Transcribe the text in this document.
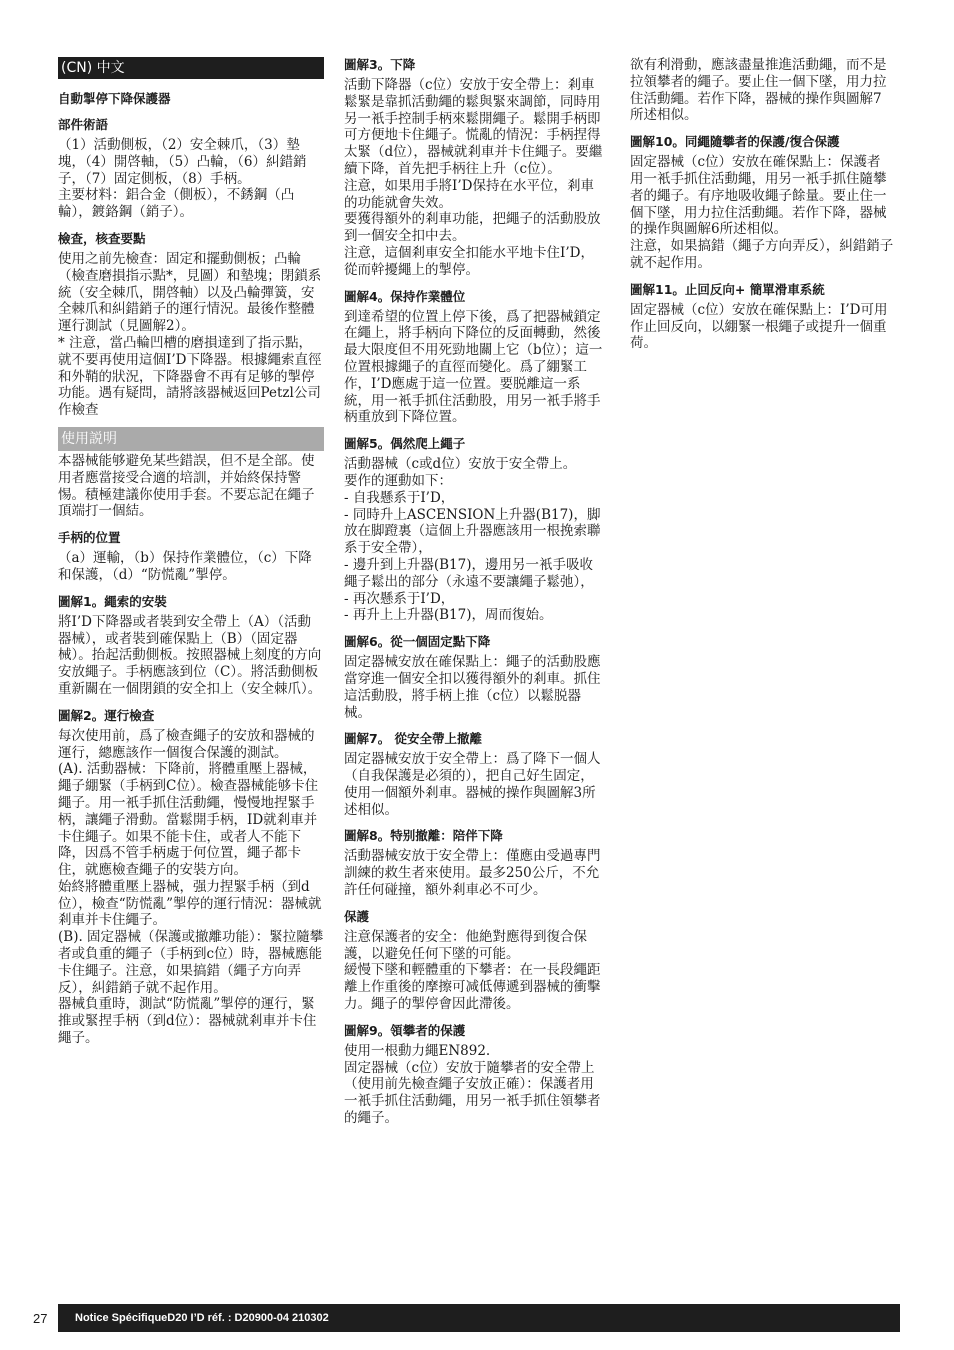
(CN) 中文
自動掣停下降保護器
部件術語

（1）活動側板，（2）安全棘爪，（3）墊塊，（4）開啓軸，（5）凸輪，（6）糾錯銷子，（7）固定側板，（8）手柄。

主要材料：鋁合金（側板），不銹鋼（凸輪），鍍鉻鋼（銷子）。

檢查，核查要點

使用之前先檢查：固定和擺動側板；凸輪（檢查磨損指示點*，見圖）和墊塊；閉鎖系統（安全棘爪，開啓軸）以及凸輪彈簧，安全棘爪和糾錯銷子的運行情況。最後作整體運行測試（見圖解2）。

* 注意，當凸輪凹槽的磨損達到了指示點，就不要再使用這個I’D下降器。根據繩索直徑和外鞘的狀況，下降器會不再有足够的掣停功能。遇有疑問，請將該器械返回Petzl公司作檢查

使用説明

本器械能够避免某些錯誤，但不是全部。使用者應當接受合適的培訓，并始終保持警惕。積極建議你使用手套。不要忘記在繩子頂端打一個結。

手柄的位置

（a）運輸，（b）保持作業體位，（c）下降和保護，（d）“防慌亂”掣停。

圖解1。繩索的安裝

將I’D下降器或者裝到安全帶上（A）（活動器械），或者裝到確保點上（B）（固定器械）。抬起活動側板。按照器械上刻度的方向安放繩子。手柄應該到位（C）。將活動側板重新關在一個閉鎖的安全扣上（安全棘爪）。

圖解2。運行檢查

每次使用前，爲了檢查繩子的安放和器械的運行，總應該作一個復合保護的測試。

(A). 活動器械：下降前，將體重壓上器械，繩子綳緊（手柄到C位）。檢查器械能够卡住繩子。用一衹手抓住活動繩，慢慢地捏緊手柄，讓繩子滑動。當鬆開手柄，ID就剎車并卡住繩子。如果不能卡住，或者人不能下降，因爲不管手柄處于何位置，繩子都卡住，就應檢查繩子的安裝方向。

始終將體重壓上器械，强力捏緊手柄（到d位），檢查“防慌亂”掣停的運行情況：器械就剎車并卡住繩子。

(B). 固定器械（保護或撤離功能）：緊拉隨攀者或負重的繩子（手柄到c位）時，器械應能卡住繩子。注意，如果搞錯（繩子方向弄反），糾錯銷子就不起作用。

器械負重時，測試“防慌亂”掣停的運行，緊推或緊捏手柄（到d位）：器械就剎車并卡住繩子。

圖解3。下降

活動下降器（c位）安放于安全帶上：剎車鬆緊是靠抓活動繩的鬆與緊來調節，同時用另一衹手控制手柄來鬆開繩子。鬆開手柄即可方便地卡住繩子。慌亂的情況：手柄捏得太緊（d位），器械就剎車并卡住繩子。要繼續下降，首先把手柄往上升（c位）。

注意，如果用手將I’D保持在水平位，剎車的功能就會失效。

要獲得額外的剎車功能，把繩子的活動股放到一個安全扣中去。

注意，這個剎車安全扣能水平地卡住I’D，從而幹擾繩上的掣停。

圖解4。保持作業體位

到達希望的位置上停下後，爲了把器械鎖定在繩上，將手柄向下降位的反面轉動，然後最大限度但不用死勁地關上它（b位）；這一位置根據繩子的直徑而變化。爲了綳緊工作，I’D應處于這一位置。要脱離這一系統，用一衹手抓住活動股，用另一衹手將手柄重放到下降位置。

圖解5。偶然爬上繩子

活動器械（c或d位）安放于安全帶上。

要作的運動如下：

- 自我懸系于I’D，

- 同時升上ASCENSION上升器(B17)，脚放在脚蹬裏（這個上升器應該用一根挽索聯系于安全帶），

- 邊升到上升器(B17)，邊用另一衹手吸收繩子鬆出的部分（永遠不要讓繩子鬆弛），

- 再次懸系于I’D，

- 再升上上升器(B17)，周而復始。

圖解6。從一個固定點下降

固定器械安放在確保點上：繩子的活動股應當穿進一個安全扣以獲得額外的剎車。抓住這活動股，將手柄上推（c位）以鬆脱器械。

圖解7。 從安全帶上撤離

固定器械安放于安全帶上：爲了降下一個人（自我保護是必須的），把自己好生固定，使用一個額外剎車。器械的操作與圖解3所述相似。

圖解8。特别撤離：陪伴下降

活動器械安放于安全帶上：僅應由受過專門訓練的救生者來使用。最多250公斤，不允許任何碰撞，額外剎車必不可少。

保護

注意保護者的安全：他絶對應得到復合保護，以避免任何下墜的可能。

緩慢下墜和輕體重的下攀者：在一長段繩距離上作重後的摩擦可减低傳遞到器械的衝擊力。繩子的掣停會因此滯後。

圖解9。領攀者的保護

使用一根動力繩EN892.

固定器械（c位）安放于隨攀者的安全帶上（使用前先檢查繩子安放正確）：保護者用一衹手抓住活動繩，用另一衹手抓住領攀者的繩子。

欲有利滑動，應該盡量推進活動繩，而不是拉領攀者的繩子。要止住一個下墜，用力拉住活動繩。若作下降，器械的操作與圖解7所述相似。

圖解10。同繩隨攀者的保護/復合保護

固定器械（c位）安放在確保點上：保護者用一衹手抓住活動繩，用另一衹手抓住隨攀者的繩子。有序地吸收繩子餘量。要止住一個下墜，用力拉住活動繩。若作下降，器械的操作與圖解6所述相似。

注意，如果搞錯（繩子方向弄反），糾錯銷子就不起作用。

圖解11。止回反向+ 簡單滑車系統

固定器械（c位）安放在確保點上：I’D可用作止回反向，以綳緊一根繩子或提升一個重荷。

27	Notice SpécifiqueD20 I’D réf. : D20900-04 210302
